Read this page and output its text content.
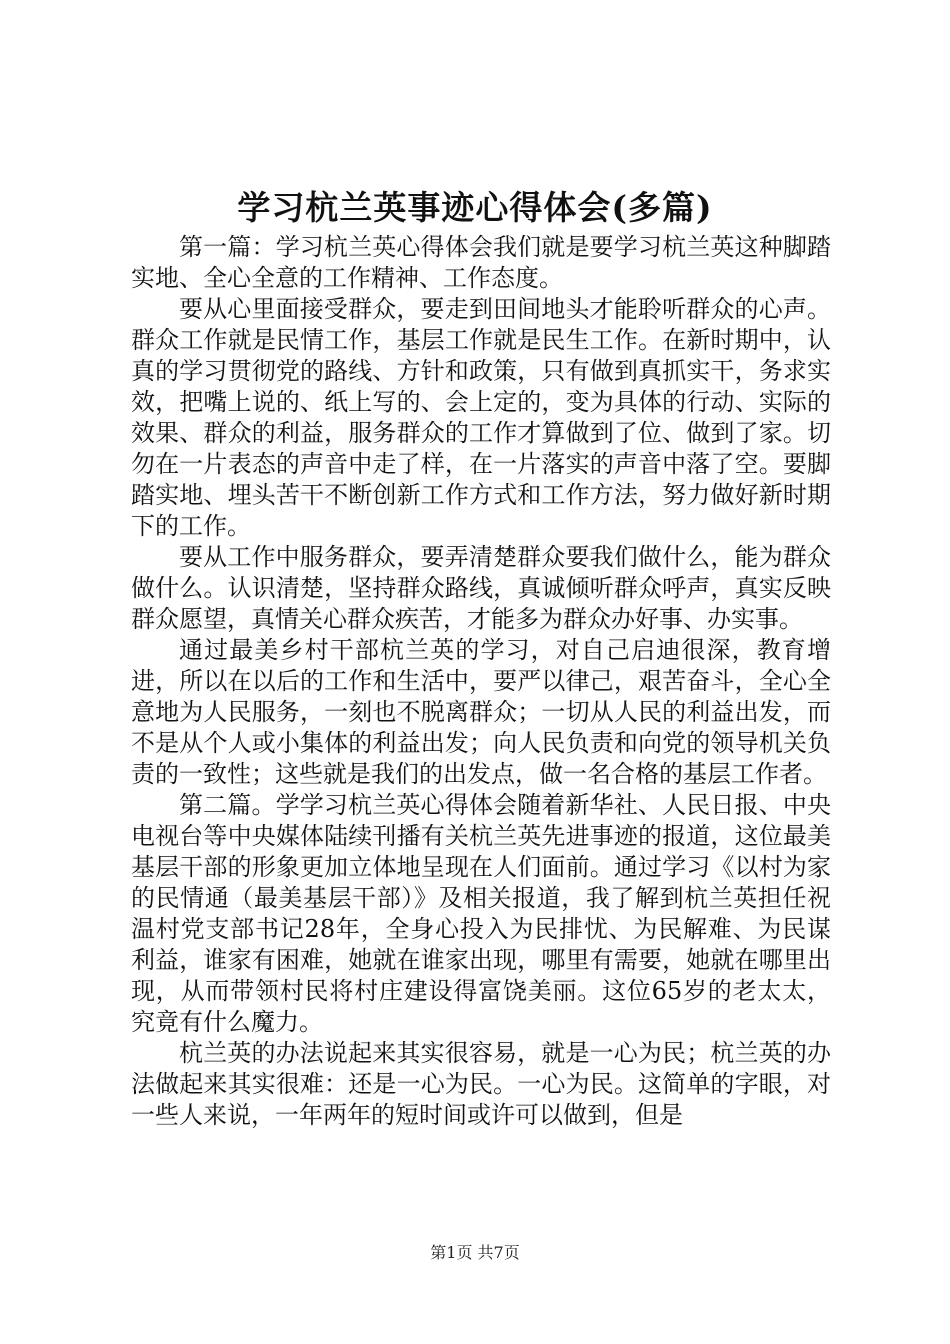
学习杭兰英事迹心得体会(多篇)

第一篇：学习杭兰英心得体会我们就是要学习杭兰英这种脚踏实地、全心全意的工作精神、工作态度。

要从心里面接受群众，要走到田间地头才能聆听群众的心声。群众工作就是民情工作，基层工作就是民生工作。在新时期中，认真的学习贯彻党的路线、方针和政策，只有做到真抓实干，务求实效，把嘴上说的、纸上写的、会上定的，变为具体的行动、实际的效果、群众的利益，服务群众的工作才算做到了位、做到了家。切勿在一片表态的声音中走了样，在一片落实的声音中落了空。要脚踏实地、埋头苦干不断创新工作方式和工作方法，努力做好新时期下的工作。

要从工作中服务群众，要弄清楚群众要我们做什么，能为群众做什么。认识清楚，坚持群众路线，真诚倾听群众呼声，真实反映群众愿望，真情关心群众疾苦，才能多为群众办好事、办实事。

通过最美乡村干部杭兰英的学习，对自己启迪很深，教育增进，所以在以后的工作和生活中，要严以律己，艰苦奋斗，全心全意地为人民服务，一刻也不脱离群众；一切从人民的利益出发，而不是从个人或小集体的利益出发；向人民负责和向党的领导机关负责的一致性；这些就是我们的出发点，做一名合格的基层工作者。

第二篇。学学习杭兰英心得体会随着新华社、人民日报、中央电视台等中央媒体陆续刊播有关杭兰英先进事迹的报道，这位最美基层干部的形象更加立体地呈现在人们面前。通过学习《以村为家的民情通（最美基层干部）》及相关报道，我了解到杭兰英担任祝温村党支部书记28年，全身心投入为民排忧、为民解难、为民谋利益，谁家有困难，她就在谁家出现，哪里有需要，她就在哪里出现，从而带领村民将村庄建设得富饶美丽。这位65岁的老太太，究竟有什么魔力。

杭兰英的办法说起来其实很容易，就是一心为民；杭兰英的办法做起来其实很难：还是一心为民。一心为民。这简单的字眼，对一些人来说，一年两年的短时间或许可以做到，但是

第1页 共7页
